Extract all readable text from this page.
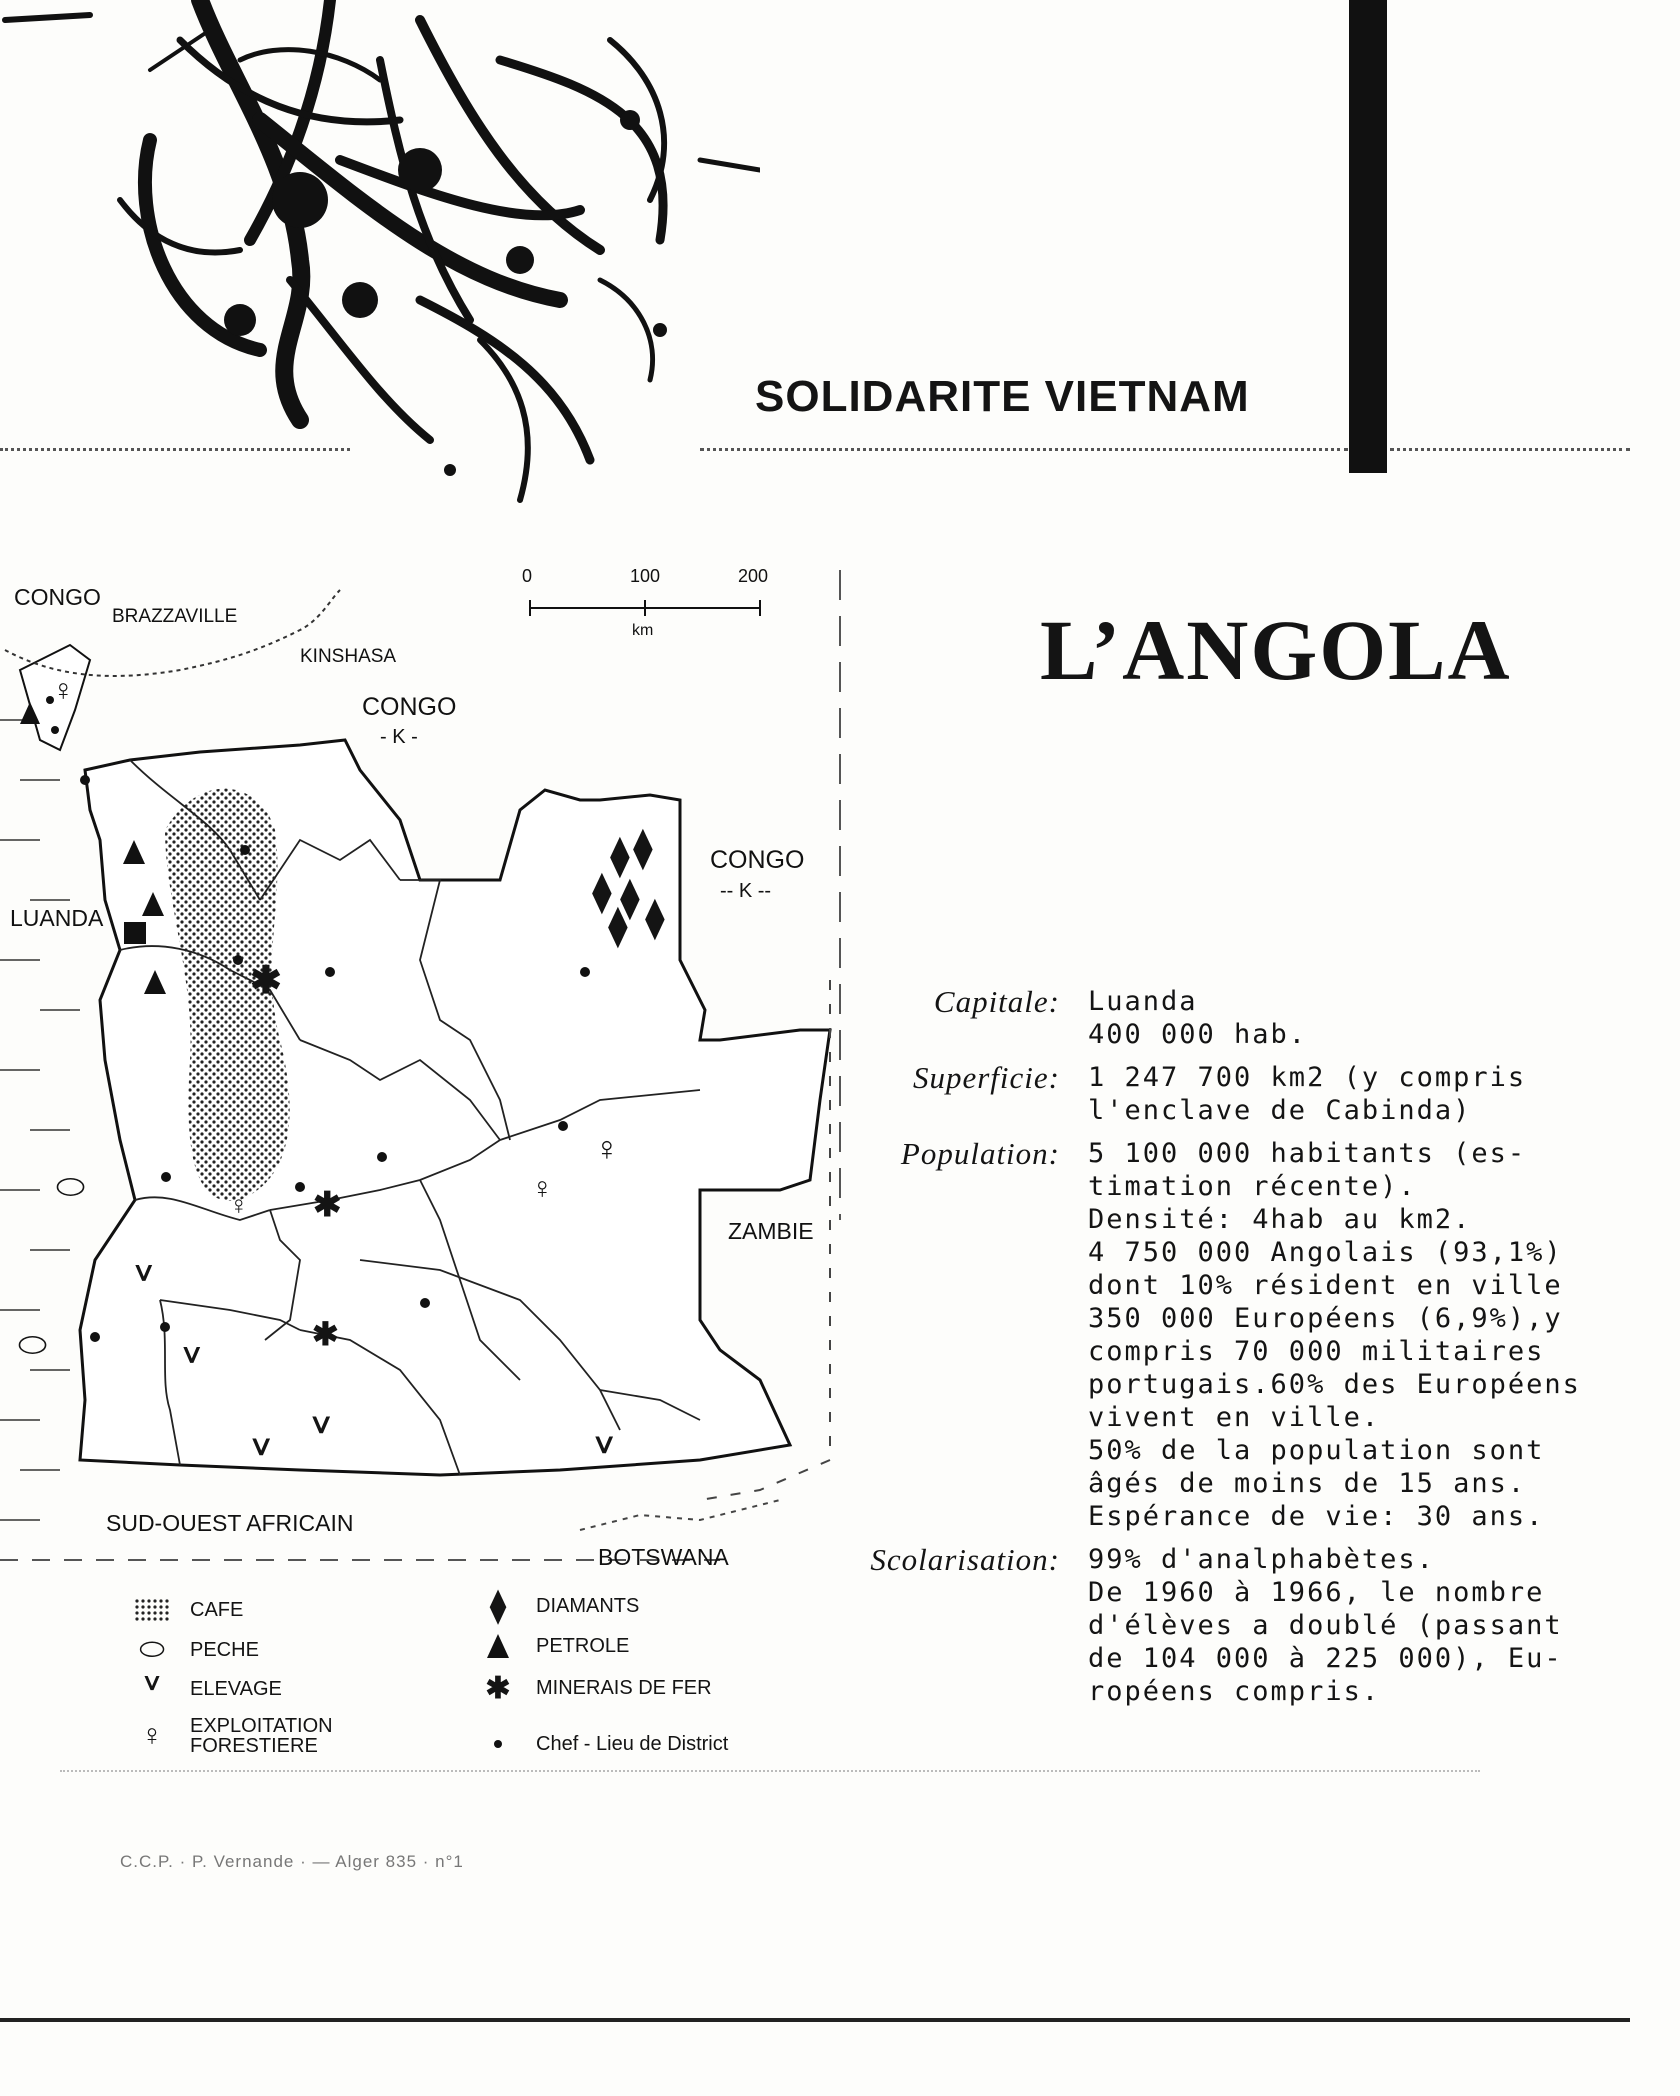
SOLIDARITE VIETNAM
L’ANGOLA
✱
✱
✱
⧫ ⧫
⧫ ⧫ ⧫
⧫
♀
♀
♀
♀
⬭
⬭
ⱽ
ⱽ
ⱽ
ⱽ	ⱽ
0	100	200
km
CONGO
BRAZZAVILLE
KINSHASA
CONGO
- K -
CONGO
-- K --
LUANDA
ZAMBIE
SUD-OUEST AFRICAIN
BOTSWANA
CAFE
⬭	PECHE
ⱽ	ELEVAGE
♀	EXPLOITATION
FORESTIERE
⧫	DIAMANTS
PETROLE
✱	MINERAIS DE FER
Chef - Lieu de District
Capitale:	Luanda
400 000 hab.
Superficie:	1 247 700 km2 (y compris
l'enclave de Cabinda)
Population:	5 100 000 habitants (es-
timation récente).
Densité: 4hab au km2.
4 750 000 Angolais (93,1%)
dont 10% résident en ville
350 000 Européens (6,9%),y
compris 70 000 militaires
portugais.60% des Européens
vivent en ville.
50% de la population sont
âgés de moins de 15 ans.
Espérance de vie: 30 ans.
Scolarisation:	99% d'analphabètes.
De 1960 à 1966, le nombre
d'élèves a doublé (passant
de 104 000 à 225 000), Eu-
ropéens compris.
C.C.P. · P. Vernande · — Alger 835 · n°1
